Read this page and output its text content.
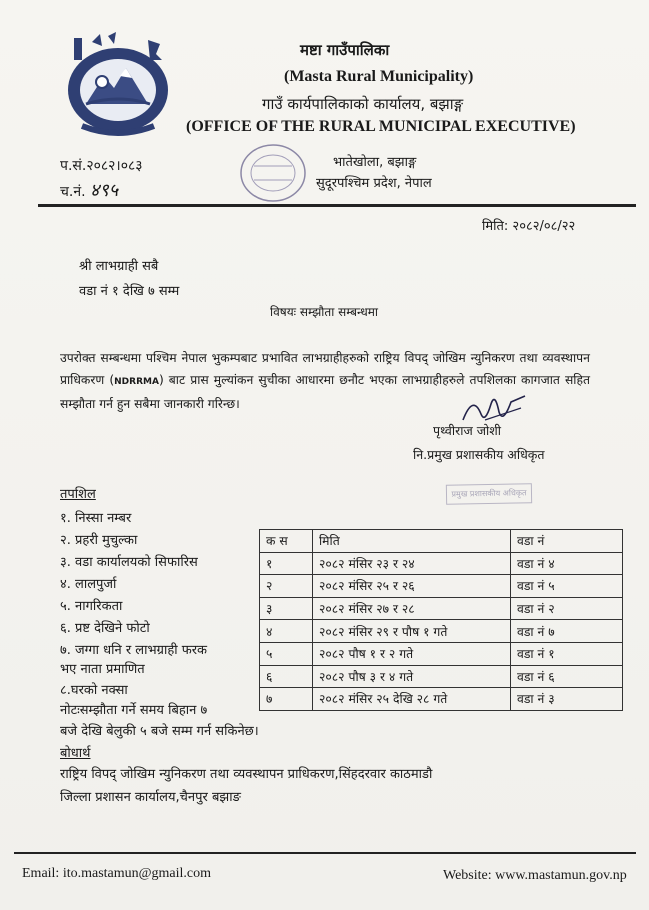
मष्टा गाउँपालिका
(Masta Rural Municipality)
गाउँ कार्यपालिकाको कार्यालय, बझाङ्ग
(OFFICE OF THE RURAL MUNICIPAL EXECUTIVE)
प.सं.२०८२।०८३
च.नं. ४९५
भातेखोला, बझाङ्ग
सुदूरपश्चिम प्रदेश, नेपाल
मिति: २०८२/०८/२२
श्री लाभग्राही सबै
वडा नं १ देखि ७ सम्म
विषयः सम्झौता सम्बन्धमा
उपरोक्त सम्बन्धमा पश्चिम नेपाल भुकम्पबाट प्रभावित लाभग्राहीहरुको राष्ट्रिय विपद् जोखिम न्युनिकरण तथा व्यवस्थापन प्राधिकरण (NDRRMA) बाट प्रास मुल्यांकन सुचीका आधारमा छनौट भएका लाभग्राहीहरुले तपशिलका कागजात सहित सम्झौता गर्न हुन सबैमा जानकारी गरिन्छ।
पृथ्वीराज जोशी
नि.प्रमुख प्रशासकीय अधिकृत
प्रमुख प्रशासकीय अधिकृत
तपशिल
१. निस्सा नम्बर
२. प्रहरी मुचुल्का
३. वडा कार्यालयको सिफारिस
४. लालपुर्जा
५. नागरिकता
६. प्रष्ट देखिने फोटो
७. जग्गा धनि र लाभग्राही फरक
भए नाता प्रमाणित
८.घरको नक्सा
क स	मिति	वडा नं
१	२०८२ मंसिर २३ र २४	वडा नं ४
२	२०८२ मंसिर २५ र २६	वडा नं ५
३	२०८२ मंसिर २७ र २८	वडा नं २
४	२०८२ मंसिर २९ र पौष १ गते	वडा नं ७
५	२०८२ पौष १ र २ गते	वडा नं १
६	२०८२ पौष ३ र ४ गते	वडा नं ६
७	२०८२ मंसिर २५ देखि २८ गते	वडा नं ३
नोटःसम्झौता गर्ने समय बिहान ७
बजे देखि बेलुकी ५ बजे सम्म गर्न सकिनेछ।
बोधार्थ
राष्ट्रिय विपद् जोखिम न्युनिकरण तथा व्यवस्थापन प्राधिकरण,सिंहदरवार काठमाडौ
जिल्ला प्रशासन कार्यालय,चैनपुर बझाङ
Email: ito.mastamun@gmail.com	Website: www.mastamun.gov.np
